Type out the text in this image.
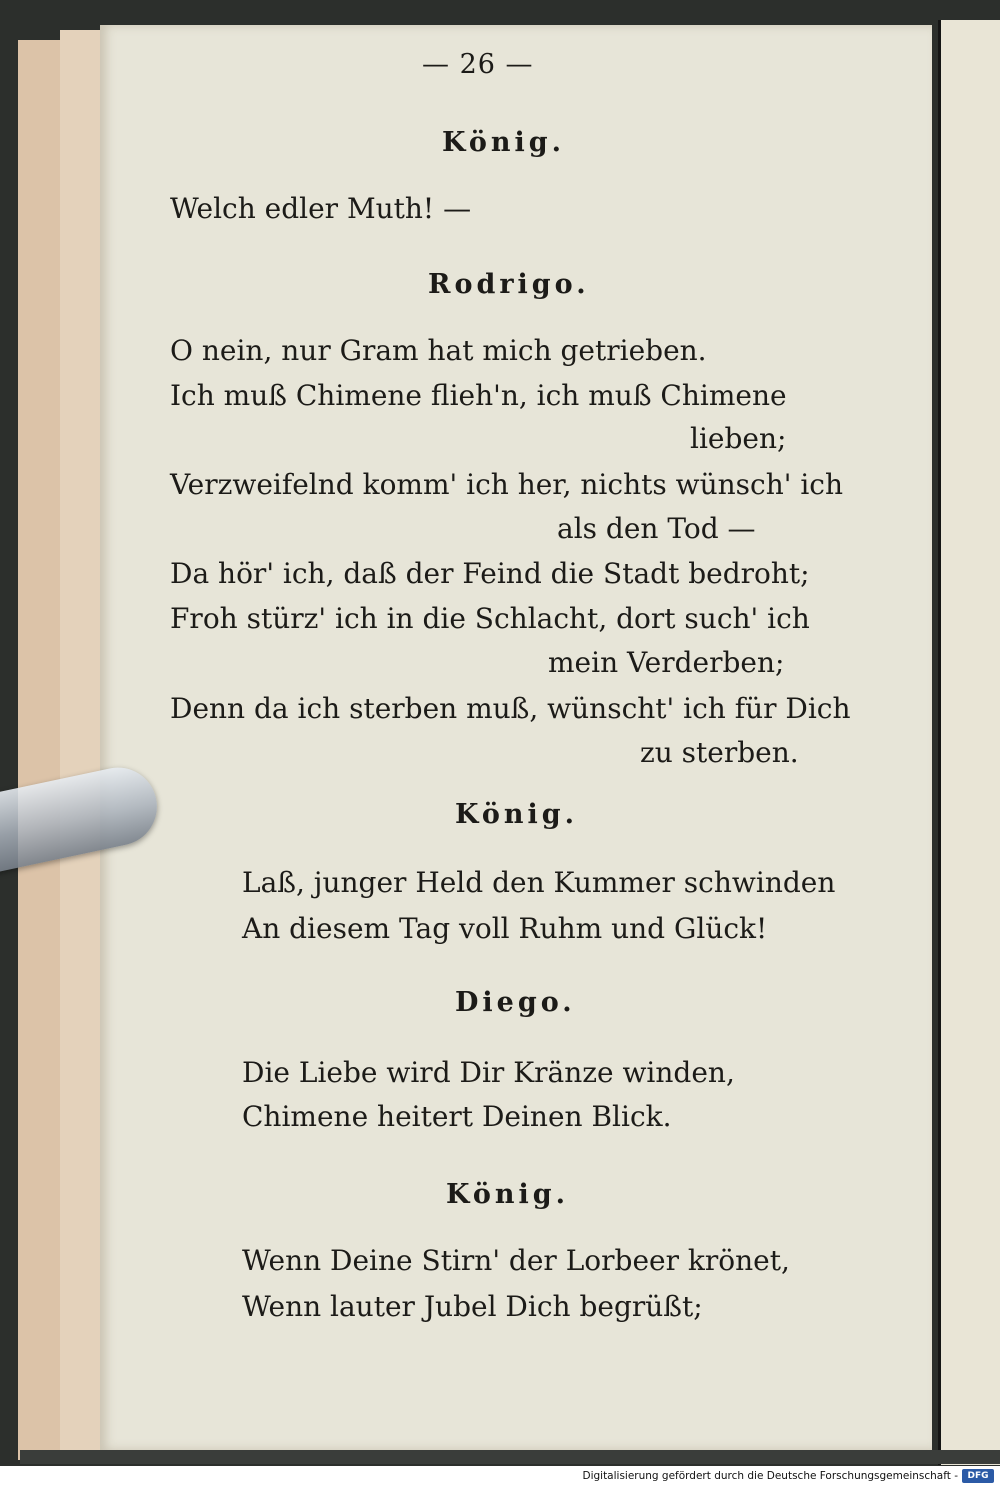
— 26 —
König.
Welch edler Muth! —
Rodrigo.
O nein, nur Gram hat mich getrieben.
Ich muß Chimene flieh'n, ich muß Chimene
lieben;
Verzweifelnd komm' ich her, nichts wünsch' ich
als den Tod —
Da hör' ich, daß der Feind die Stadt bedroht;
Froh stürz' ich in die Schlacht, dort such' ich
mein Verderben;
Denn da ich sterben muß, wünscht' ich für Dich
zu sterben.
König.
Laß, junger Held den Kummer schwinden
An diesem Tag voll Ruhm und Glück!
Diego.
Die Liebe wird Dir Kränze winden,
Chimene heitert Deinen Blick.
König.
Wenn Deine Stirn' der Lorbeer krönet,
Wenn lauter Jubel Dich begrüßt;
Digitalisierung gefördert durch die Deutsche Forschungsgemeinschaft -	DFG
